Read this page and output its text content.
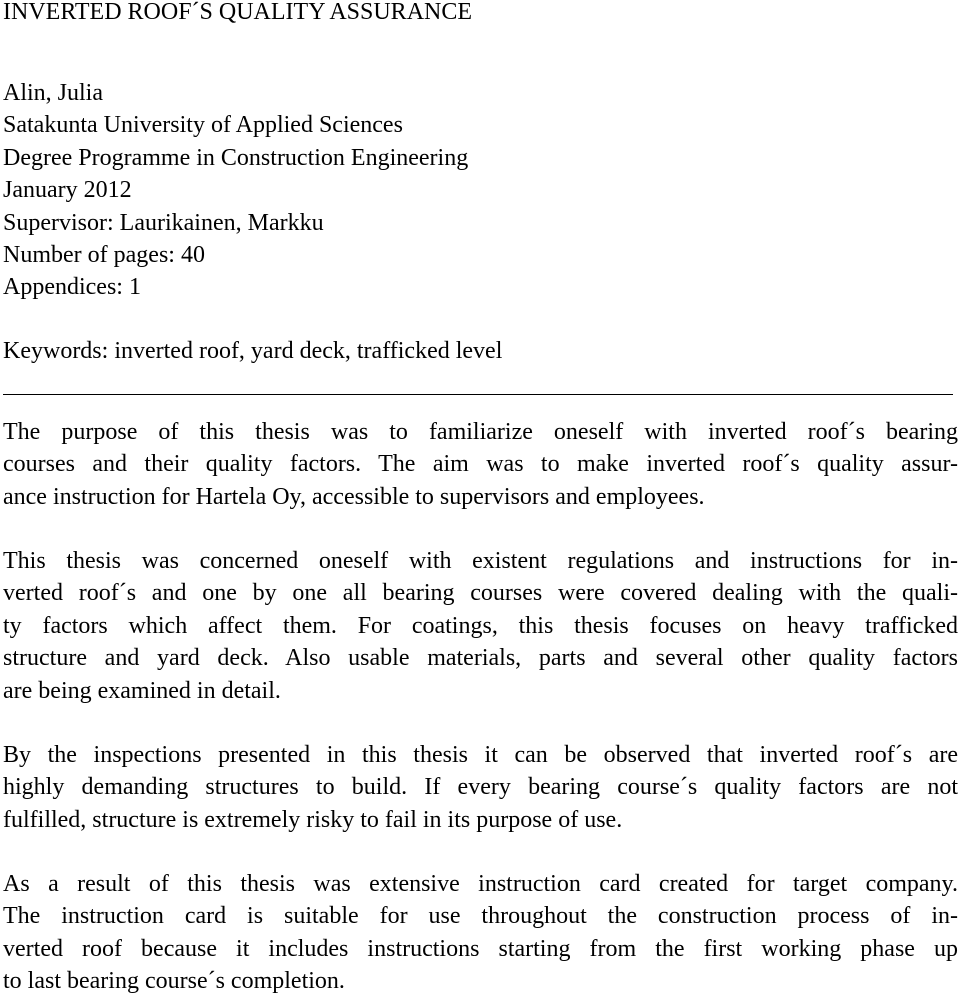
INVERTED ROOF´S QUALITY ASSURANCE
Alin, Julia
Satakunta University of Applied Sciences
Degree Programme in Construction Engineering
January 2012
Supervisor: Laurikainen, Markku
Number of pages: 40
Appendices: 1
Keywords: inverted roof, yard deck, trafficked level
The purpose of this thesis was to familiarize oneself with inverted roof´s bearing
courses and their quality factors. The aim was to make inverted roof´s quality assur-
ance instruction for Hartela Oy, accessible to supervisors and employees.
This thesis was concerned oneself with existent regulations and instructions for in-
verted roof´s and one by one all bearing courses were covered dealing with the quali-
ty factors which affect them. For coatings, this thesis focuses on heavy trafficked
structure and yard deck. Also usable materials, parts and several other quality factors
are being examined in detail.
By the inspections presented in this thesis it can be observed that inverted roof´s are
highly demanding structures to build. If every bearing course´s quality factors are not
fulfilled, structure is extremely risky to fail in its purpose of use.
As a result of this thesis was extensive instruction card created for target company.
The instruction card is suitable for use throughout the construction process of in-
verted roof because it includes instructions starting from the first working phase up
to last bearing course´s completion.
